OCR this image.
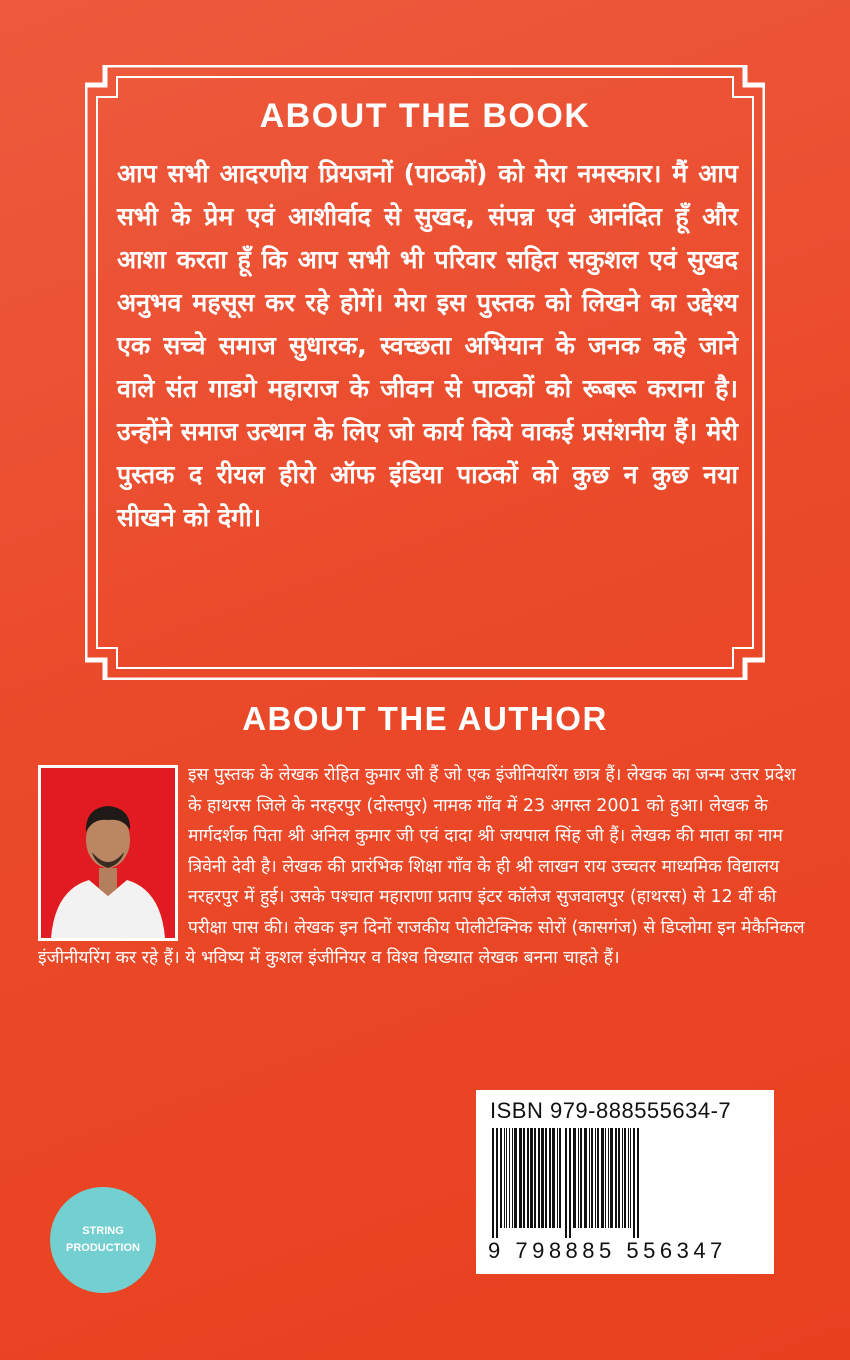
ABOUT THE BOOK
आप सभी आदरणीय प्रियजनों (पाठकों) को मेरा नमस्कार। मैं आप सभी के प्रेम एवं आशीर्वाद से सुखद, संपन्न एवं आनंदित हूँ और आशा करता हूँ कि आप सभी भी परिवार सहित सकुशल एवं सुखद अनुभव महसूस कर रहे होगें। मेरा इस पुस्तक को लिखने का उद्देश्य एक सच्चे समाज सुधारक, स्वच्छता अभियान के जनक कहे जाने वाले संत गाडगे महाराज के जीवन से पाठकों को रूबरू कराना है। उन्होंने समाज उत्थान के लिए जो कार्य किये वाकई प्रसंशनीय हैं। मेरी पुस्तक द रीयल हीरो ऑफ इंडिया पाठकों को कुछ न कुछ नया सीखने को देगी।
ABOUT THE AUTHOR
इस पुस्तक के लेखक रोहित कुमार जी हैं जो एक इंजीनियरिंग छात्र हैं। लेखक का जन्म उत्तर प्रदेश के हाथरस जिले के नरहरपुर (दोस्तपुर) नामक गाँव में 23 अगस्त 2001 को हुआ। लेखक के मार्गदर्शक पिता श्री अनिल कुमार जी एवं दादा श्री जयपाल सिंह जी हैं। लेखक की माता का नाम त्रिवेनी देवी है। लेखक की प्रारंभिक शिक्षा गाँव के ही श्री लाखन राय उच्चतर माध्यमिक विद्यालय नरहरपुर में हुई। उसके पश्चात महाराणा प्रताप इंटर कॉलेज सुजवालपुर (हाथरस) से 12 वीं की परीक्षा पास की। लेखक इन दिनों राजकीय पोलीटेक्निक सोरों (कासगंज) से डिप्लोमा इन मेकैनिकल इंजीनीयरिंग कर रहे हैं। ये भविष्य में कुशल इंजीनियर व विश्व विख्यात लेखक बनना चाहते हैं।
ISBN 979-888555634-7
9 798885 556347
STRING
PRODUCTION
